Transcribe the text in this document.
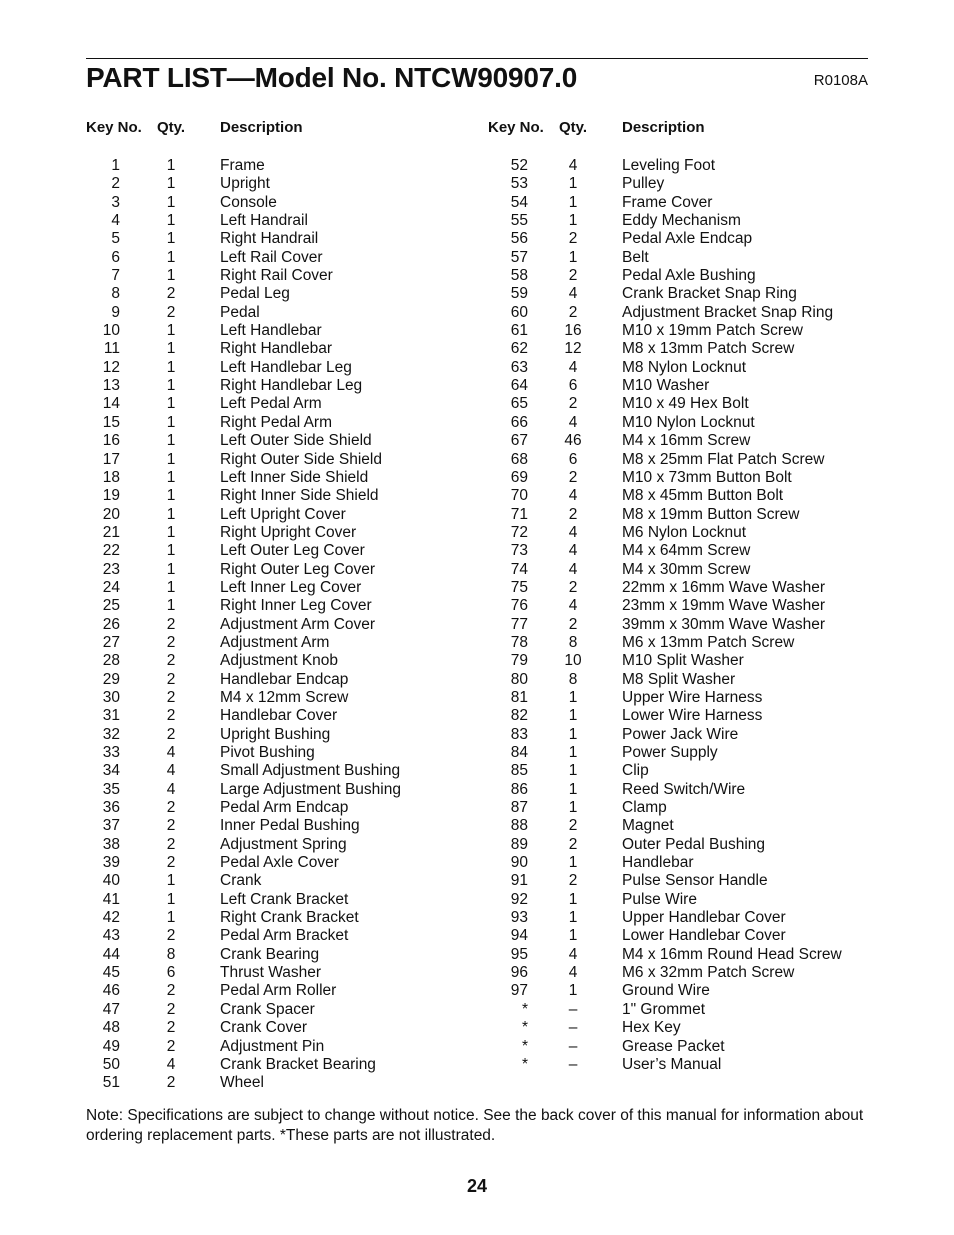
PART LIST—Model No. NTCW90907.0	R0108A
Key No. Qty. Description	Key No. Qty. Description
1	1	Frame
2	1	Upright
3	1	Console
4	1	Left Handrail
5	1	Right Handrail
6	1	Left Rail Cover
7	1	Right Rail Cover
8	2	Pedal Leg
9	2	Pedal
10	1	Left Handlebar
11	1	Right Handlebar
12	1	Left Handlebar Leg
13	1	Right Handlebar Leg
14	1	Left Pedal Arm
15	1	Right Pedal Arm
16	1	Left Outer Side Shield
17	1	Right Outer Side Shield
18	1	Left Inner Side Shield
19	1	Right Inner Side Shield
20	1	Left Upright Cover
21	1	Right Upright Cover
22	1	Left Outer Leg Cover
23	1	Right Outer Leg Cover
24	1	Left Inner Leg Cover
25	1	Right Inner Leg Cover
26	2	Adjustment Arm Cover
27	2	Adjustment Arm
28	2	Adjustment Knob
29	2	Handlebar Endcap
30	2	M4 x 12mm Screw
31	2	Handlebar Cover
32	2	Upright Bushing
33	4	Pivot Bushing
34	4	Small Adjustment Bushing
35	4	Large Adjustment Bushing
36	2	Pedal Arm Endcap
37	2	Inner Pedal Bushing
38	2	Adjustment Spring
39	2	Pedal Axle Cover
40	1	Crank
41	1	Left Crank Bracket
42	1	Right Crank Bracket
43	2	Pedal Arm Bracket
44	8	Crank Bearing
45	6	Thrust Washer
46	2	Pedal Arm Roller
47	2	Crank Spacer
48	2	Crank Cover
49	2	Adjustment Pin
50	4	Crank Bracket Bearing
51	2	Wheel
52	4	Leveling Foot
53	1	Pulley
54	1	Frame Cover
55	1	Eddy Mechanism
56	2	Pedal Axle Endcap
57	1	Belt
58	2	Pedal Axle Bushing
59	4	Crank Bracket Snap Ring
60	2	Adjustment Bracket Snap Ring
61	16	M10 x 19mm Patch Screw
62	12	M8 x 13mm Patch Screw
63	4	M8 Nylon Locknut
64	6	M10 Washer
65	2	M10 x 49 Hex Bolt
66	4	M10 Nylon Locknut
67	46	M4 x 16mm Screw
68	6	M8 x 25mm Flat Patch Screw
69	2	M10 x 73mm Button Bolt
70	4	M8 x 45mm Button Bolt
71	2	M8 x 19mm Button Screw
72	4	M6 Nylon Locknut
73	4	M4 x 64mm Screw
74	4	M4 x 30mm Screw
75	2	22mm x 16mm Wave Washer
76	4	23mm x 19mm Wave Washer
77	2	39mm x 30mm Wave Washer
78	8	M6 x 13mm Patch Screw
79	10	M10 Split Washer
80	8	M8 Split Washer
81	1	Upper Wire Harness
82	1	Lower Wire Harness
83	1	Power Jack Wire
84	1	Power Supply
85	1	Clip
86	1	Reed Switch/Wire
87	1	Clamp
88	2	Magnet
89	2	Outer Pedal Bushing
90	1	Handlebar
91	2	Pulse Sensor Handle
92	1	Pulse Wire
93	1	Upper Handlebar Cover
94	1	Lower Handlebar Cover
95	4	M4 x 16mm Round Head Screw
96	4	M6 x 32mm Patch Screw
97	1	Ground Wire
*	–	1" Grommet
*	–	Hex Key
*	–	Grease Packet
*	–	User’s Manual
Note: Specifications are subject to change without notice. See the back cover of this manual for information about ordering replacement parts. *These parts are not illustrated.
24
